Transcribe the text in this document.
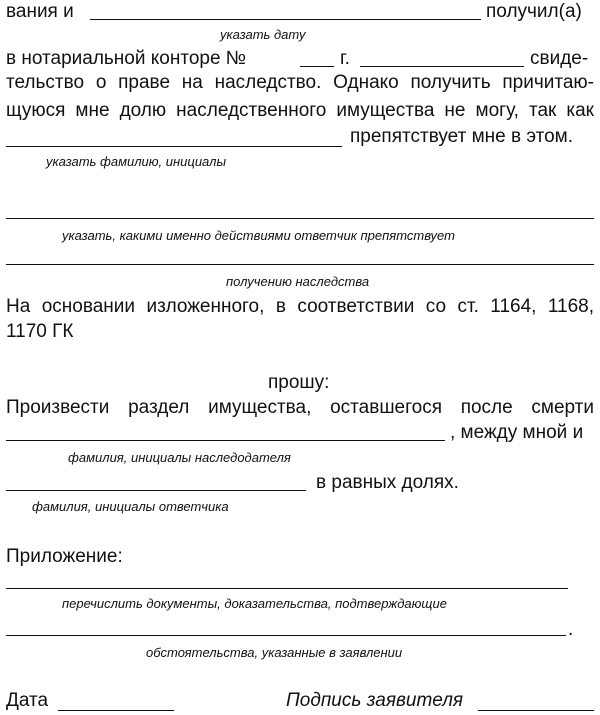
вания и	получил(а)
указать дату
в нотариальной конторе №	г.	свиде-
тельство о праве на наследство. Однако получить причитаю-
щуюся мне долю наследственного имущества не могу, так как
препятствует мне в этом.
указать фамилию, инициалы
указать, какими именно действиями ответчик препятствует
получению наследства
На основании изложенного, в соответствии со ст. 1164, 1168,
1170 ГК
прошу:
Произвести раздел имущества, оставшегося после смерти
, между мной и
фамилия, инициалы наследодателя
в равных долях.
фамилия, инициалы ответчика
Приложение:
перечислить документы, доказательства, подтверждающие
.
обстоятельства, указанные в заявлении
Дата	Подпись заявителя
